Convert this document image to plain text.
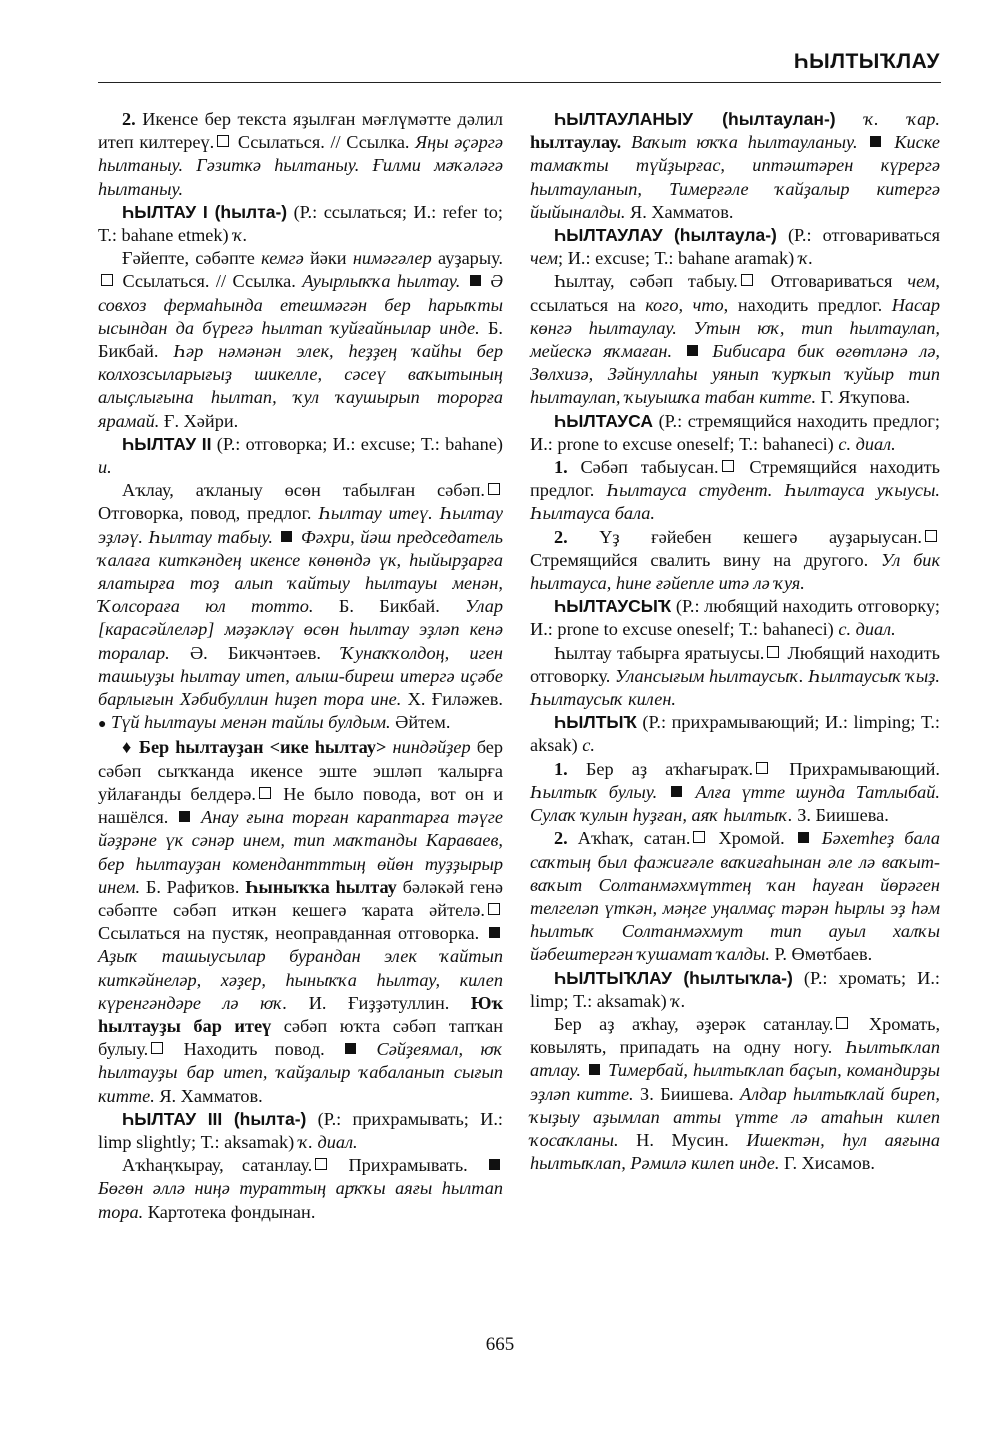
ҺЫЛТЫҠЛАУ

2. Икенсе бер текста яҙылған мәғлүмәтте дәлил итеп килтереү. Ссылаться. // Ссылка. Яңы әҫәргә һылтаныу. Гәзиткә һылтаныу. Ғилми мәҡәләгә һылтаныу.

ҺЫЛТАУ I (һылта-) (Р.: ссылаться; И.: refer to; Т.: bahane etmek) ҡ.

Ғәйепте, сәбәпте кемгә йәки нимәгәлер ауҙарыу. Ссылаться. // Ссылка. Ауырлыҡҡа һылтау.  Ә совхоз фермаһында етешмәгән бер һарыҡты ысындан да бүрегә һылтап ҡуйғайнылар инде. Б. Бикбай. Һәр нәмәнән элек, һеҙҙең ҡайһы бер колхозсыларығыҙ шикелле, сәсеү ваҡытының алыҫлығына һылтап, ҡул ҡаушырып торорға ярамай. Ғ. Хәйри.

ҺЫЛТАУ II (Р.: отговорка; И.: excuse; Т.: bahane) и.

Аҡлау, аҡланыу өсөн табылған сәбәп. Отговорка, повод, предлог. Һылтау итеү. Һылтау эҙләү. Һылтау табыу.  Фәхри, йәш председатель ҡалаға киткәндең икенсе көнөндә үк, һыйырҙарға ялатырға тоҙ алып ҡайтыу һылтауы менән, Ҡолсораға юл тотто. Б. Бикбай. Улар [карасәйлеләр] мәҙәкләү өсөн һылтау эҙләп кенә торалар. Ә. Бикчәнтәев. Ҡунаҡҡолдоң, иген ташыуҙы һылтау итеп, алыш-биреш итергә иҫәбе барлығын Хәбибуллин һиҙеп тора ине. Х. Ғиләжев. ● Түй һылтауы менән тайлы булдым. Әйтем.

♦ Бер һылтауҙан <ике һылтау> ниндәйҙер бер сәбәп сыҡҡанда икенсе эште эшләп ҡалырға уйлағанды белдерә. Не было повода, вот он и нашёлся.  Анау ғына торған караптарға тәүге йәҙрәне үк сәнәр инем, тип маҡтанды Караваев, бер һылтауҙан комендантттың өйөн туҙҙырыр инем. Б. Рафиҡов. Һыныҡҡа һылтау бәләкәй генә сәбәпте сәбәп иткән кешегә ҡарата әйтелә. Ссылаться на пустяк, неоправданная отговорка.  Аҙыҡ ташыусылар бурандан элек ҡайтып киткәйнеләр, хәҙер, һыныҡҡа һылтау, килеп күренгәндәре лә юҡ. И. Ғиҙҙәтуллин. Юҡ һылтауҙы бар итеү сәбәп юҡта сәбәп тапҡан булыу. Находить повод.  Сәйҙеямал, юҡ һылтауҙы бар итеп, ҡайҙалыр ҡабаланып сығып китте. Я. Хамматов.

ҺЫЛТАУ III (һылта-) (Р.: прихрамывать; И.: limp slightly; Т.: aksamak) ҡ. диал.

Аҡһаңҡырау, сатанлау. Прихрамывать.  Бөгөн әллә ниңә тураттың арҡҡы аяғы һылтап тора. Картотека фондынан.

ҺЫЛТАУЛАНЫУ (һылтаулан-) ҡ. ҡар. һылтаулау. Ваҡыт юҡҡа һылтауланыу.  Киске тамаҡты түйҙырғас, иптәштәрен күрергә һылтауланып, Тимерғәле ҡайҙалыр китергә йыйыналды. Я. Хамматов.

ҺЫЛТАУЛАУ (һылтаула-) (Р.: отговариваться чем; И.: excuse; Т.: bahane aramak) ҡ.

Һылтау, сәбәп табыу. Отговариваться чем, ссылаться на кого, что, находить предлог. Насар көнгә һылтаулау. Утын юҡ, тип һылтаулап, мейескә яҡмаған.  Бибисара бик өгөтләнә лә, Зөлхизә, Зәйнуллаһы уянып ҡурҡып ҡуйыр тип һылтаулап, ҡыуышҡа табан китте. Г. Яҡупова.

ҺЫЛТАУСА (Р.: стремящийся находить предлог; И.: prone to excuse oneself; Т.: bahaneci) с. диал.

1. Сәбәп табыусан. Стремящийся находить предлог. Һылтауса студент. Һылтауса уҡыусы. Һылтауса бала.

2. Үҙ ғәйебен кешегә ауҙарыусан. Стремящийся свалить вину на другого. Ул бик һылтауса, һине ғәйепле итә лә ҡуя.

ҺЫЛТАУСЫҠ (Р.: любящий находить отговорку; И.: prone to excuse oneself; Т.: bahaneci) с. диал.

Һылтау табырға яратыусы. Любящий находить отговорку. Улансығым һылтаусыҡ. Һылтаусыҡ ҡыҙ. Һылтаусыҡ килен.

ҺЫЛТЫҠ (Р.: прихрамывающий; И.: limping; Т.: aksak) с.

1. Бер аҙ аҡһағыраҡ. Прихрамывающий. Һылтыҡ булыу.  Алға үтте шунда Татлыбай. Сулаҡ ҡулын һуҙған, аяҡ һылтыҡ. З. Биишева.

2. Аҡһаҡ, сатан. Хромой.  Бәхетһеҙ бала саҡтың был фажиғәле ваҡиғаһынан әле лә ваҡыт-ваҡыт Солтанмәхмүттең ҡан һауған йөрәген телгеләп үткән, мәңге уңалмаҫ тәрән һырлы эҙ һәм һылтыҡ Солтанмәхмут тип ауыл халҡы йәбештергән ҡушамат ҡалды. Р. Өмөтбаев.

ҺЫЛТЫҠЛАУ (һылтыҡла-) (Р.: хромать; И.: limp; Т.: aksamak) ҡ.

Бер аҙ аҡһау, әҙерәк сатанлау. Хромать, ковылять, припадать на одну ногу. Һылтыҡлап атлау.  Тимербай, һылтыҡлап баҫып, командирҙы эҙләп китте. З. Биишева. Алдар һылтыҡлай биреп, ҡыҙыу аҙымлап атты үтте лә атаһын килеп ҡосаҡланы. Н. Мусин. Ишектән, һул аяғына һылтыҡлап, Рәмилә килеп инде. Г. Хисамов.

665
